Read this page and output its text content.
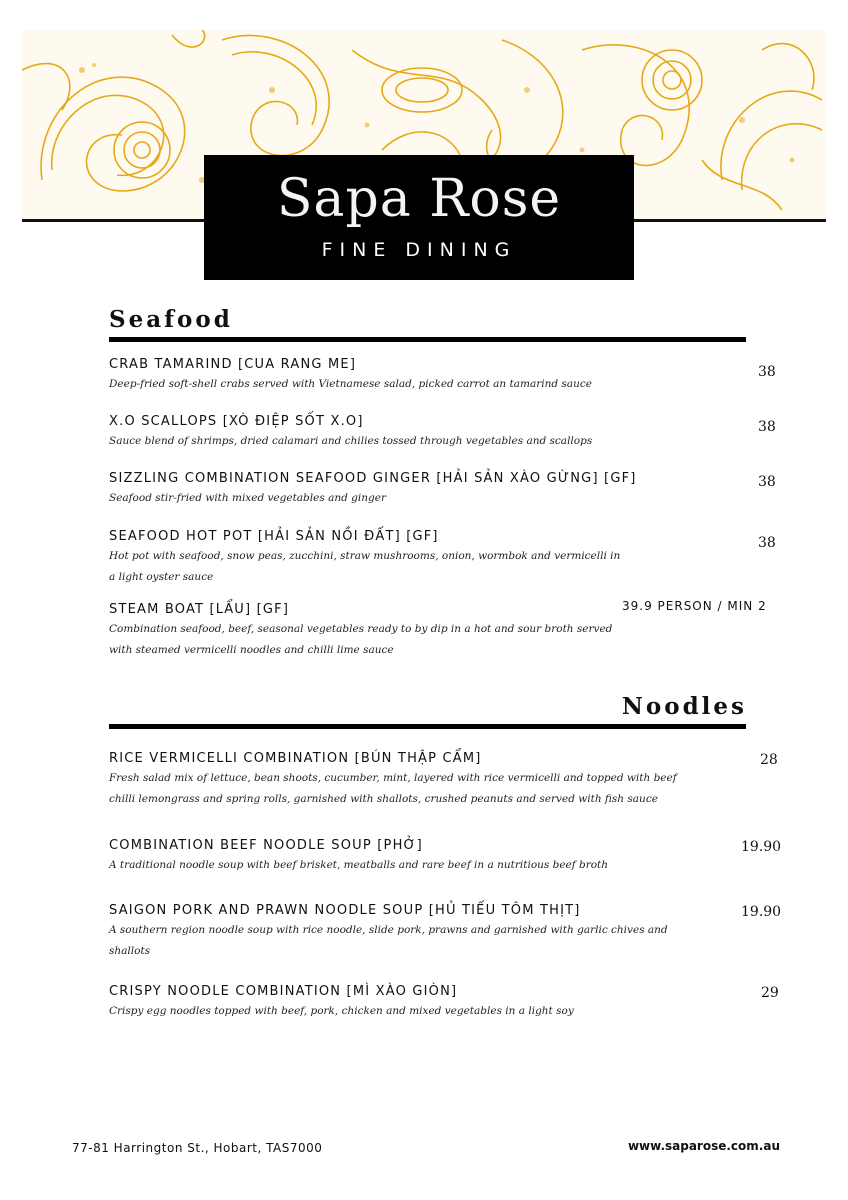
Sapa Rose
FINE DINING
Seafood
CRAB TAMARIND [CUA RANG ME]
Deep-fried soft-shell crabs served with Vietnamese salad, picked carrot an tamarind sauce
38
X.O SCALLOPS [XÒ ĐIỆP SỐT X.O]
Sauce blend of shrimps, dried calamari and chilies tossed through vegetables and scallops
38
SIZZLING COMBINATION SEAFOOD GINGER [HẢI SẢN XÀO GỪNG] [GF]
Seafood stir-fried with mixed vegetables and ginger
38
SEAFOOD HOT POT [HẢI SẢN NỒI ĐẤT] [GF]
Hot pot with seafood, snow peas, zucchini, straw mushrooms, onion, wormbok and vermicelli in a light oyster sauce
38
STEAM BOAT [LẨU] [GF]
Combination seafood, beef, seasonal vegetables ready to by dip in a hot and sour broth served with steamed vermicelli noodles and chilli lime sauce
39.9 PERSON / MIN 2
Noodles
RICE VERMICELLI COMBINATION [BÚN THẬP CẨM]
Fresh salad mix of lettuce, bean shoots, cucumber, mint, layered with rice vermicelli and topped with beef chilli lemongrass and spring rolls, garnished with shallots, crushed peanuts and served with fish sauce
28
COMBINATION BEEF NOODLE SOUP [PHỞ]
A traditional noodle soup with beef brisket, meatballs and rare beef in a nutritious beef broth
19.90
SAIGON PORK AND PRAWN NOODLE SOUP [HỦ TIẾU TÔM THỊT]
A southern region noodle soup with rice noodle, slide pork, prawns and garnished with garlic chives and shallots
19.90
CRISPY NOODLE COMBINATION [MÌ XÀO GIÒN]
Crispy egg noodles topped with beef, pork, chicken and mixed vegetables in a light soy
29
77-81 Harrington St., Hobart, TAS7000	www.saparose.com.au
